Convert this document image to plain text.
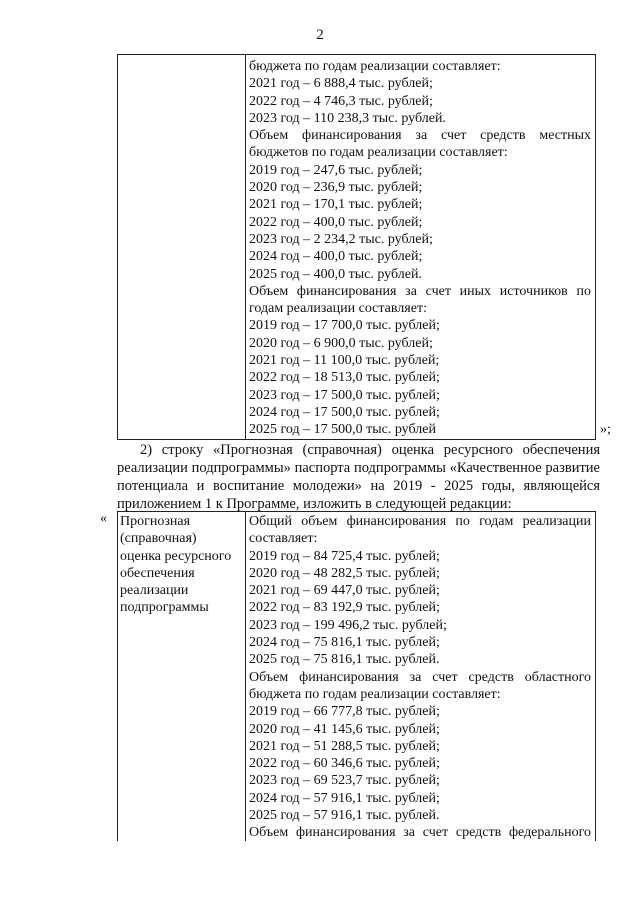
2
бюджета по годам реализации составляет:
2021 год – 6 888,4 тыс. рублей;
2022 год – 4 746,3 тыс. рублей;
2023 год – 110 238,3 тыс. рублей.
Объем финансирования за счет средств местных
бюджетов по годам реализации составляет:
2019 год – 247,6 тыс. рублей;
2020 год – 236,9 тыс. рублей;
2021 год – 170,1 тыс. рублей;
2022 год – 400,0 тыс. рублей;
2023 год – 2 234,2 тыс. рублей;
2024 год – 400,0 тыс. рублей;
2025 год – 400,0 тыс. рублей.
Объем финансирования за счет иных источников по
годам реализации составляет:
2019 год – 17 700,0 тыс. рублей;
2020 год – 6 900,0 тыс. рублей;
2021 год – 11 100,0 тыс. рублей;
2022 год – 18 513,0 тыс. рублей;
2023 год – 17 500,0 тыс. рублей;
2024 год – 17 500,0 тыс. рублей;
2025 год – 17 500,0 тыс. рублей	»;
2) строку «Прогнозная (справочная) оценка ресурсного обеспечения
реализации подпрограммы» паспорта подпрограммы «Качественное развитие
потенциала и воспитание молодежи» на 2019 - 2025 годы, являющейся
приложением 1 к Программе, изложить в следующей редакции:
« Прогнозная
(справочная)
оценка ресурсного
обеспечения
реализации
подпрограммы
Общий объем финансирования по годам реализации
составляет:
2019 год – 84 725,4 тыс. рублей;
2020 год – 48 282,5 тыс. рублей;
2021 год – 69 447,0 тыс. рублей;
2022 год – 83 192,9 тыс. рублей;
2023 год – 199 496,2 тыс. рублей;
2024 год – 75 816,1 тыс. рублей;
2025 год – 75 816,1 тыс. рублей.
Объем финансирования за счет средств областного
бюджета по годам реализации составляет:
2019 год – 66 777,8 тыс. рублей;
2020 год – 41 145,6 тыс. рублей;
2021 год – 51 288,5 тыс. рублей;
2022 год – 60 346,6 тыс. рублей;
2023 год – 69 523,7 тыс. рублей;
2024 год – 57 916,1 тыс. рублей;
2025 год – 57 916,1 тыс. рублей.
Объем финансирования за счет средств федерального
